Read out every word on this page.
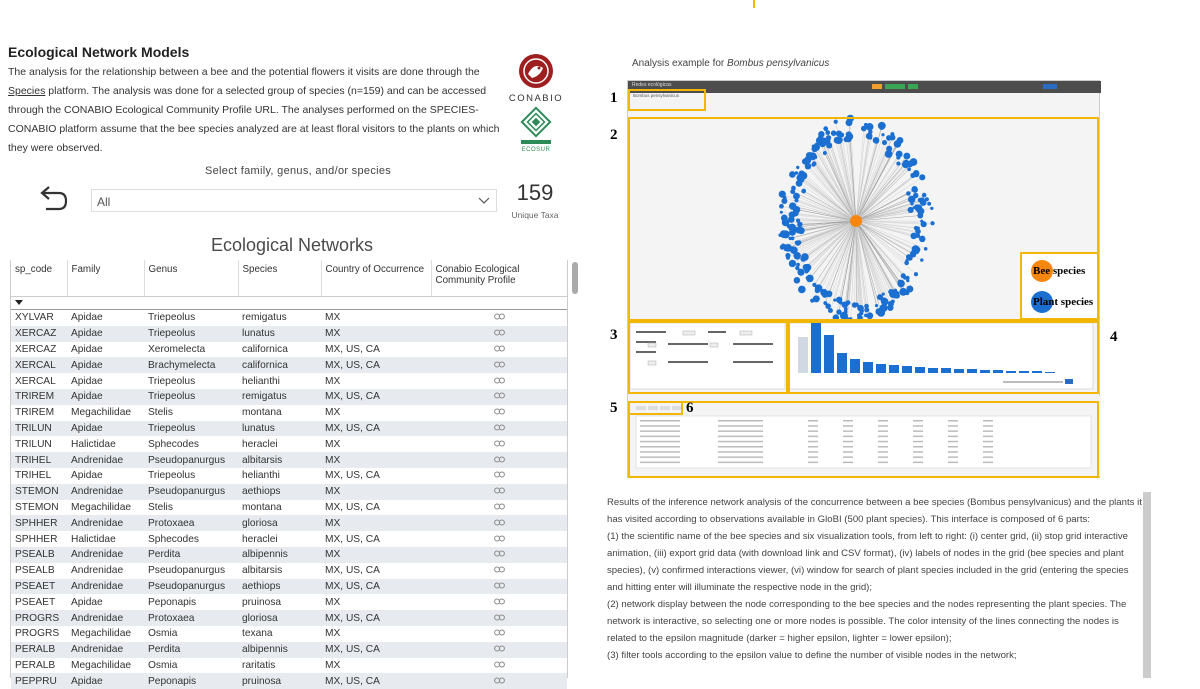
Ecological Network Models
The analysis for the relationship between a bee and the potential flowers it visits are done through the Species platform. The analysis was done for a selected group of species (n=159) and can be accessed through the CONABIO Ecological Community Profile URL. The analyses performed on the SPECIES-CONABIO platform assume that the bee species analyzed are at least floral visitors to the plants on which they were observed.
CONABIO
ECOSUR
Select family, genus, and/or species
All	159
Unique Taxa
Ecological Networks
sp_code	Family	Genus	Species	Country of Occurrence	Conabio Ecological Community Profile

XYLVAR	Apidae	Triepeolus	remigatus	MX	
XERCAZ	Apidae	Triepeolus	lunatus	MX	
XERCAZ	Apidae	Xeromelecta	californica	MX, US, CA	
XERCAL	Apidae	Brachymelecta	californica	MX, US, CA	
XERCAL	Apidae	Triepeolus	helianthi	MX	
TRIREM	Apidae	Triepeolus	remigatus	MX, US, CA	
TRIREM	Megachilidae	Stelis	montana	MX	
TRILUN	Apidae	Triepeolus	lunatus	MX, US, CA	
TRILUN	Halictidae	Sphecodes	heraclei	MX	
TRIHEL	Andrenidae	Pseudopanurgus	albitarsis	MX	
TRIHEL	Apidae	Triepeolus	helianthi	MX, US, CA	
STEMON	Andrenidae	Pseudopanurgus	aethiops	MX	
STEMON	Megachilidae	Stelis	montana	MX, US, CA	
SPHHER	Andrenidae	Protoxaea	gloriosa	MX	
SPHHER	Halictidae	Sphecodes	heraclei	MX, US, CA	
PSEALB	Andrenidae	Perdita	albipennis	MX	
PSEALB	Andrenidae	Pseudopanurgus	albitarsis	MX, US, CA	
PSEAET	Andrenidae	Pseudopanurgus	aethiops	MX, US, CA	
PSEAET	Apidae	Peponapis	pruinosa	MX	
PROGRS	Andrenidae	Protoxaea	gloriosa	MX, US, CA	
PROGRS	Megachilidae	Osmia	texana	MX	
PERALB	Andrenidae	Perdita	albipennis	MX, US, CA	
PERALB	Megachilidae	Osmia	raritatis	MX	
PEPPRU	Apidae	Peponapis	pruinosa	MX, US, CA	
Analysis example for Bombus pensylvanicus
Redes ecológicas
Bombus pensylvanicus
Bee species
Plant species
1
2
3	4
5	6

Results of the inference network analysis of the concurrence between a bee species (Bombus pensylvanicus) and the plants it has visited according to observations available in GloBI (500 plant species). This interface is composed of 6 parts:

(1) the scientific name of the bee species and six visualization tools, from left to right: (i) center grid, (ii) stop grid interactive animation, (iii) export grid data (with download link and CSV format), (iv) labels of nodes in the grid (bee species and plant species), (v) confirmed interactions viewer, (vi) window for search of plant species included in the grid (entering the species and hitting enter will illuminate the respective node in the grid);

(2) network display between the node corresponding to the bee species and the nodes representing the plant species. The network is interactive, so selecting one or more nodes is possible. The color intensity of the lines connecting the nodes is related to the epsilon magnitude (darker = higher epsilon, lighter = lower epsilon);

(3) filter tools according to the epsilon value to define the number of visible nodes in the network;
